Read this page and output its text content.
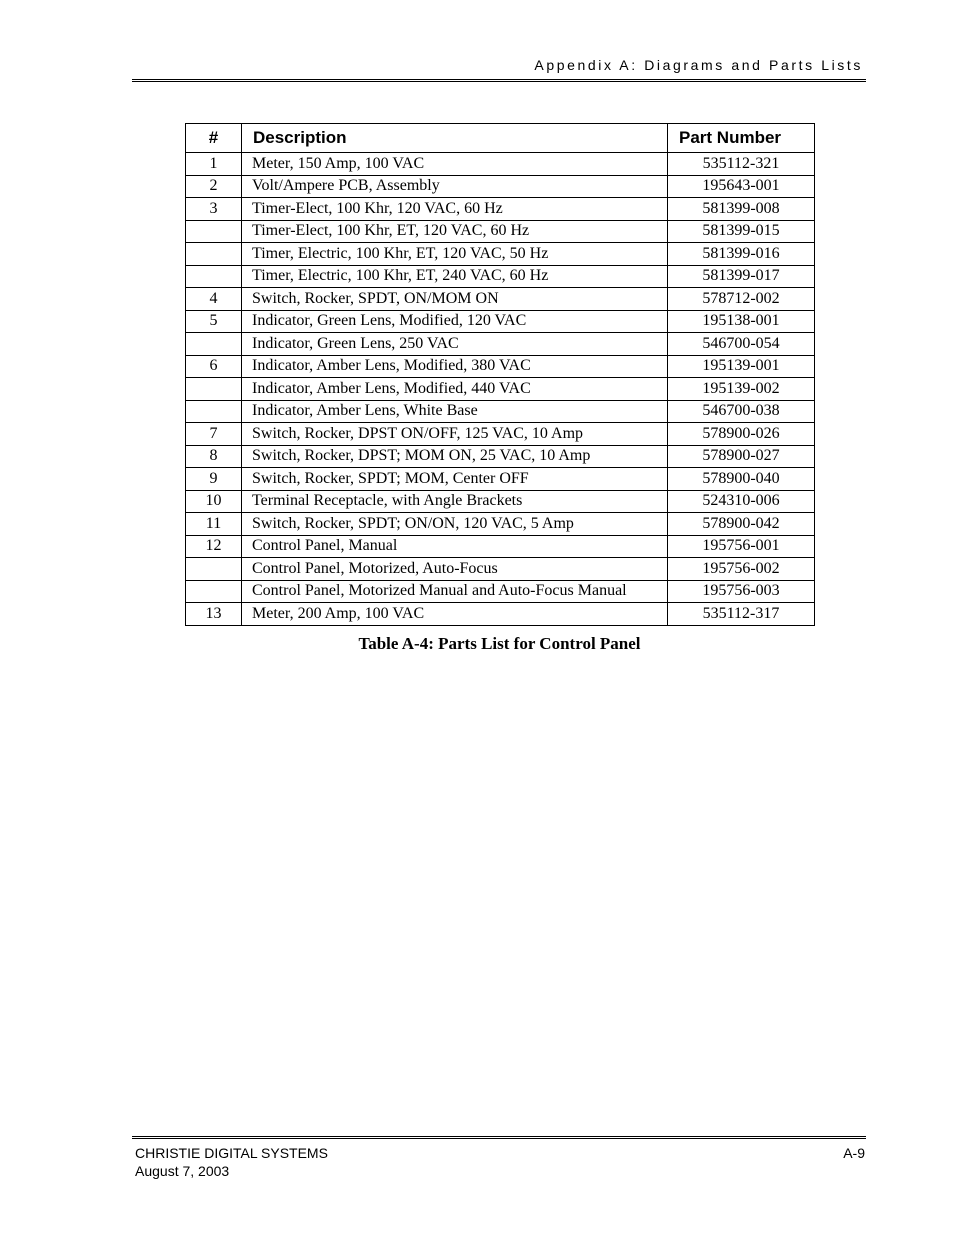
Appendix A: Diagrams and Parts Lists
#	Description	Part Number
1	Meter, 150 Amp, 100 VAC	535112-321
2	Volt/Ampere PCB, Assembly	195643-001
3	Timer-Elect, 100 Khr, 120 VAC, 60 Hz	581399-008
	Timer-Elect, 100 Khr, ET, 120 VAC, 60 Hz	581399-015
	Timer, Electric, 100 Khr, ET, 120 VAC, 50 Hz	581399-016
	Timer, Electric, 100 Khr, ET, 240 VAC, 60 Hz	581399-017
4	Switch, Rocker, SPDT, ON/MOM ON	578712-002
5	Indicator, Green Lens, Modified, 120 VAC	195138-001
	Indicator, Green Lens, 250 VAC	546700-054
6	Indicator, Amber Lens, Modified, 380 VAC	195139-001
	Indicator, Amber Lens, Modified, 440 VAC	195139-002
	Indicator, Amber Lens, White Base	546700-038
7	Switch, Rocker, DPST ON/OFF, 125 VAC, 10 Amp	578900-026
8	Switch, Rocker, DPST; MOM ON, 25 VAC, 10 Amp	578900-027
9	Switch, Rocker, SPDT; MOM, Center OFF	578900-040
10	Terminal Receptacle, with Angle Brackets	524310-006
11	Switch, Rocker, SPDT; ON/ON, 120 VAC, 5 Amp	578900-042
12	Control Panel, Manual	195756-001
	Control Panel, Motorized, Auto-Focus	195756-002
	Control Panel, Motorized Manual and Auto-Focus Manual	195756-003
13	Meter, 200 Amp, 100 VAC	535112-317
Table A-4: Parts List for Control Panel
CHRISTIE DIGITAL SYSTEMS
August 7, 2003
A-9
